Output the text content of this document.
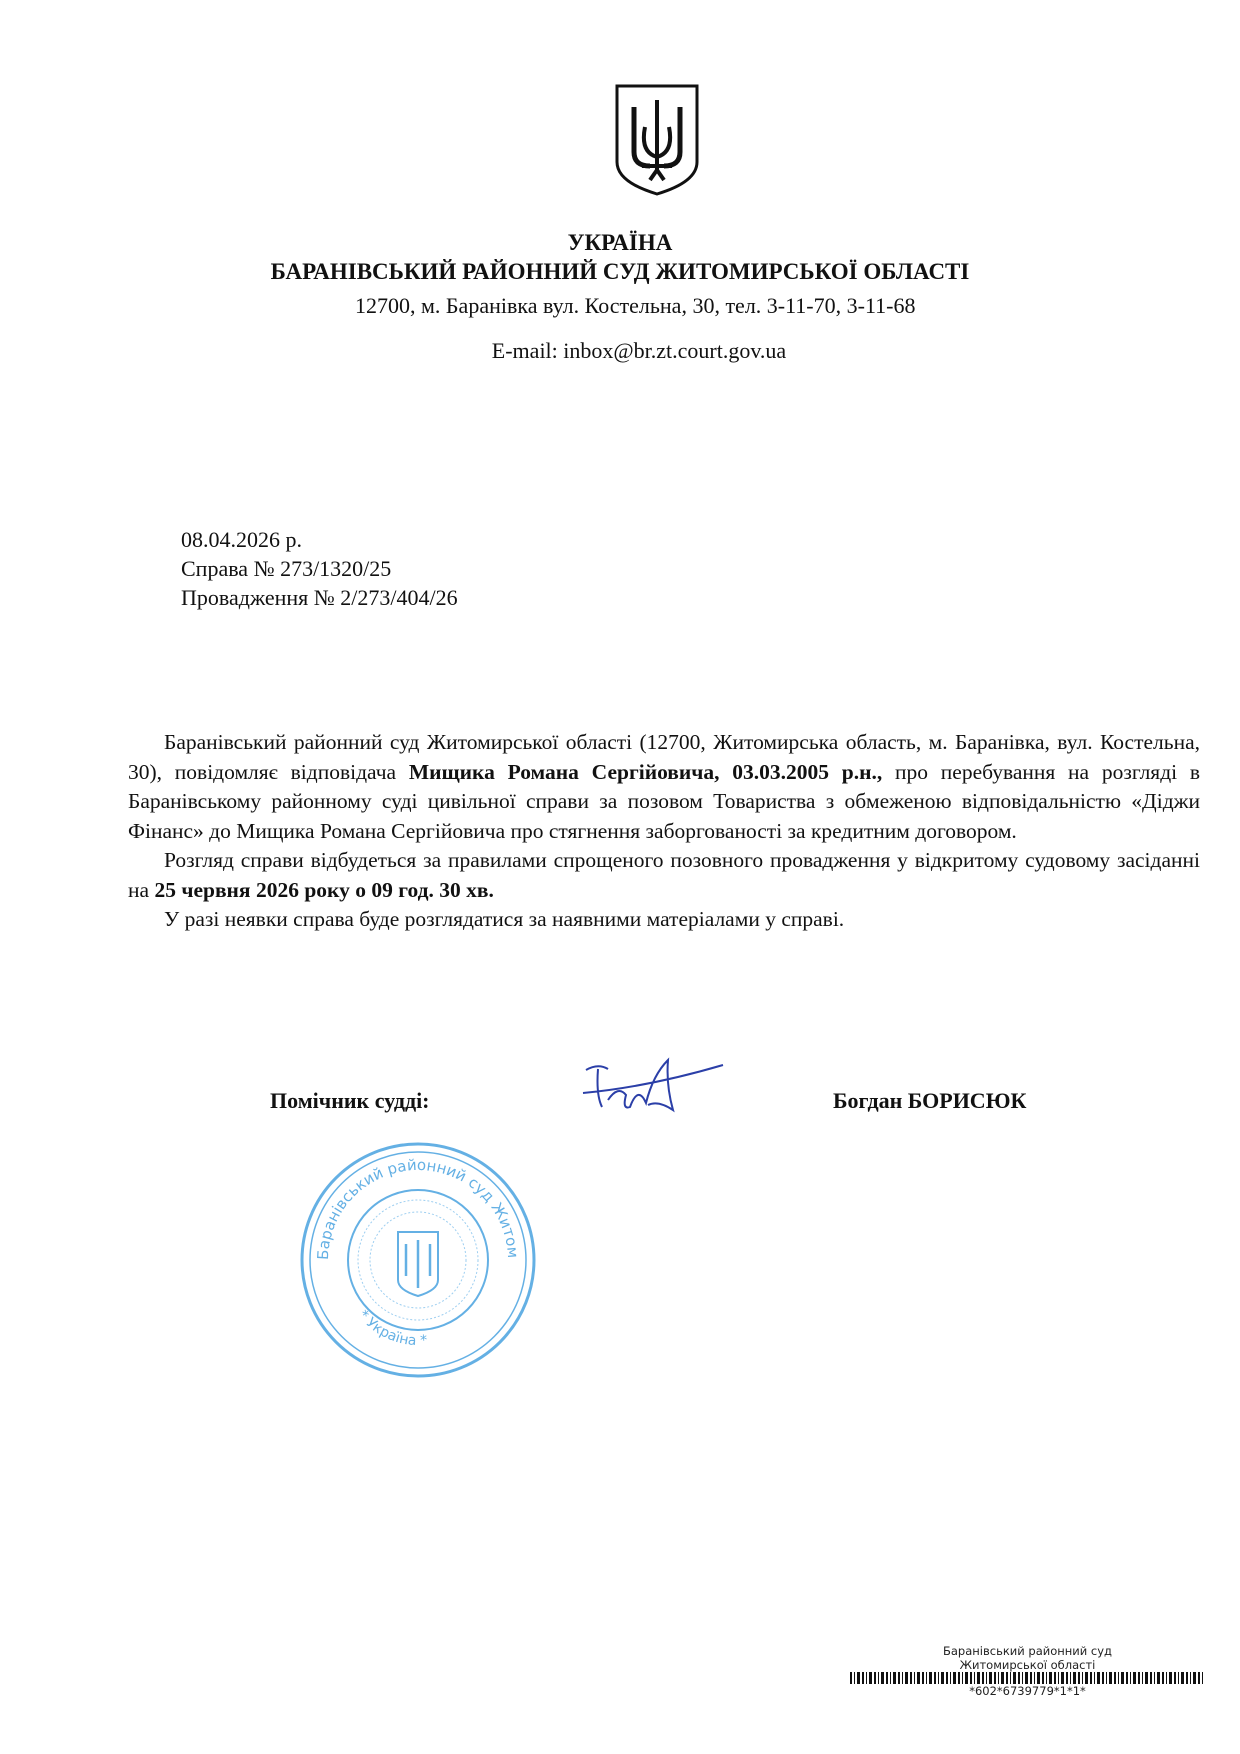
УКРАЇНА
БАРАНІВСЬКИЙ РАЙОННИЙ СУД ЖИТОМИРСЬКОЇ ОБЛАСТІ
12700, м. Баранівка вул. Костельна, 30, тел. 3-11-70, 3-11-68
E-mail: inbox@br.zt.court.gov.ua
08.04.2026 р.
Справа № 273/1320/25
Провадження № 2/273/404/26

Баранівський районний суд Житомирської області (12700, Житомирська область, м. Баранівка, вул. Костельна, 30), повідомляє відповідача Мищика Романа Сергійовича, 03.03.2005 р.н., про перебування на розгляді в Баранівському районному суді цивільної справи за позовом Товариства з обмеженою відповідальністю «Діджи Фінанс» до Мищика Романа Сергійовича про стягнення заборгованості за кредитним договором.

Розгляд справи відбудеться за правилами спрощеного позовного провадження у відкритому судовому засіданні на 25 червня 2026 року о 09 год. 30 хв.

У разі неявки справа буде розглядатися за наявними матеріалами у справі.

Помічник судді:	Богдан БОРИСЮК
Баранівський районний суд Житом
* Україна *
Баранівський районний суд
Житомирської області
*602*6739779*1*1*
